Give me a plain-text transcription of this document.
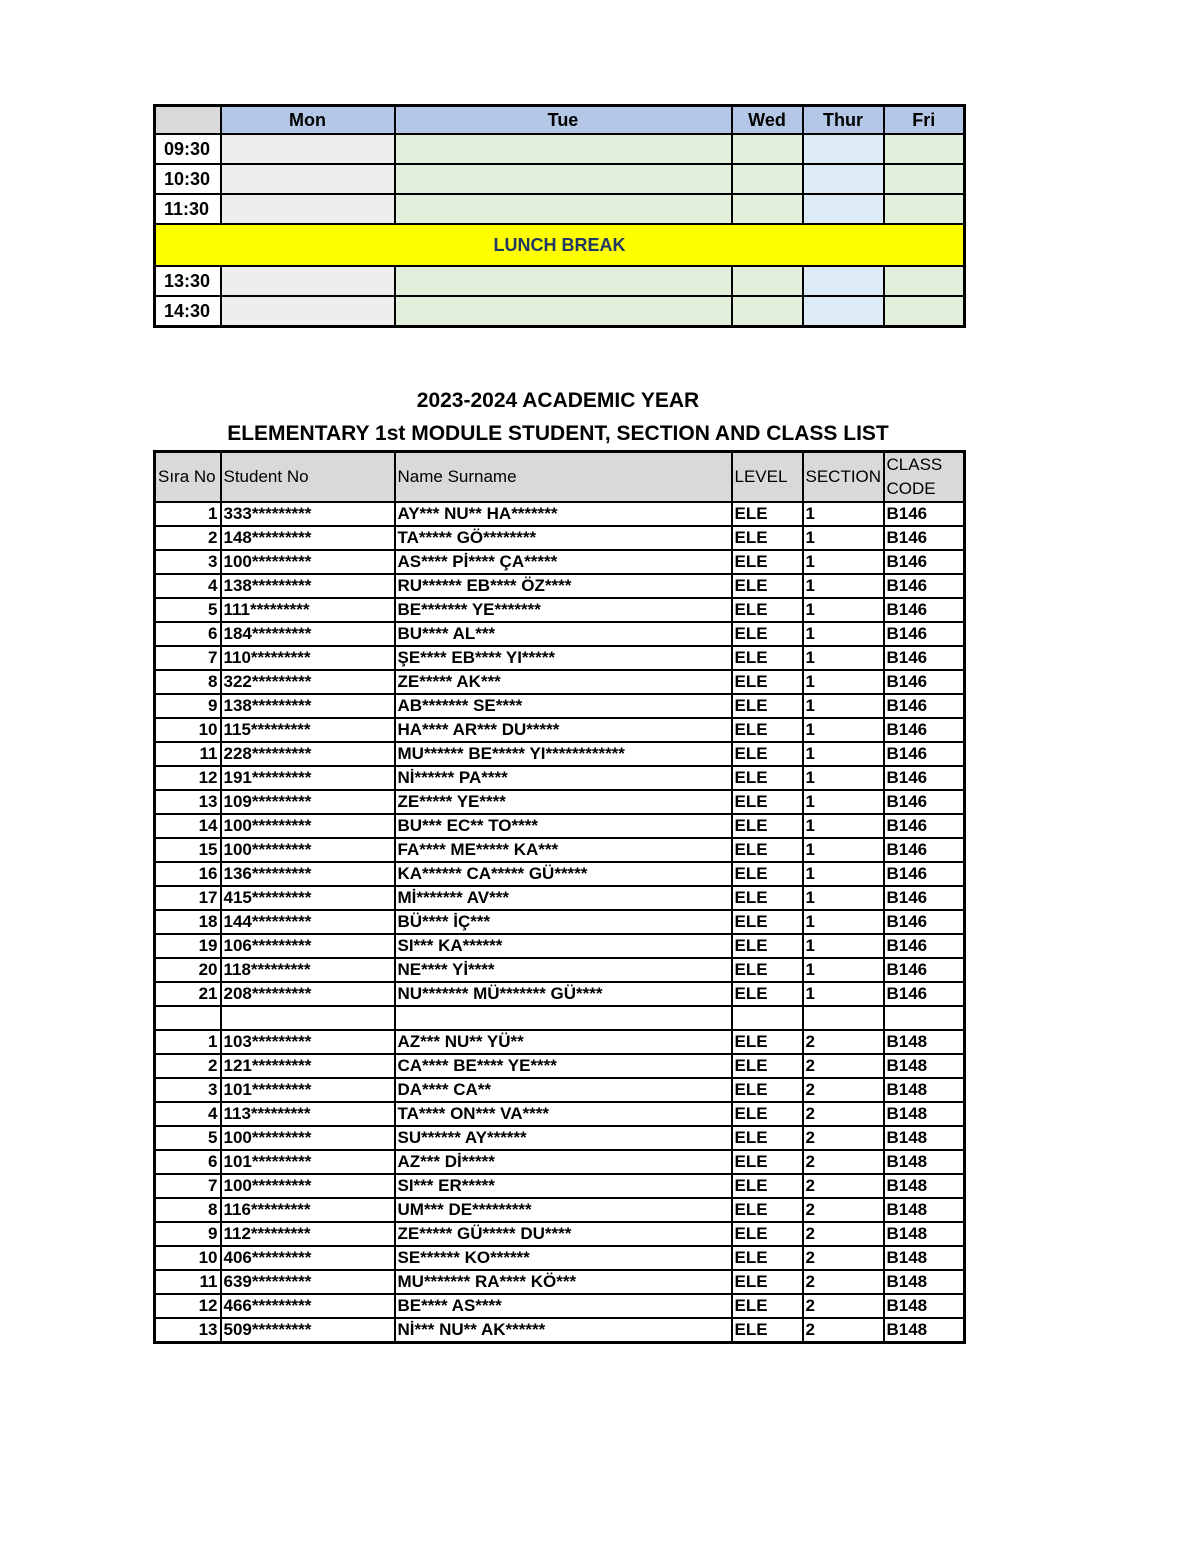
	Mon	Tue	Wed	Thur	Fri
09:30					
10:30					
11:30					
LUNCH BREAK					
13:30					
14:30					
2023-2024 ACADEMIC YEAR
ELEMENTARY 1st MODULE STUDENT, SECTION AND CLASS LIST
Sıra No	Student No	Name Surname	LEVEL	SECTION	CLASS CODE
1	333*********	AY*** NU** HA*******	ELE	1	B146
2	148*********	TA***** GÖ********	ELE	1	B146
3	100*********	AS**** Pİ**** ÇA*****	ELE	1	B146
4	138*********	RU****** EB**** ÖZ****	ELE	1	B146
5	111*********	BE******* YE*******	ELE	1	B146
6	184*********	BU**** AL***	ELE	1	B146
7	110*********	ŞE**** EB**** YI*****	ELE	1	B146
8	322*********	ZE***** AK***	ELE	1	B146
9	138*********	AB******* SE****	ELE	1	B146
10	115*********	HA**** AR*** DU*****	ELE	1	B146
11	228*********	MU****** BE***** YI************	ELE	1	B146
12	191*********	Nİ****** PA****	ELE	1	B146
13	109*********	ZE***** YE****	ELE	1	B146
14	100*********	BU*** EC** TO****	ELE	1	B146
15	100*********	FA**** ME***** KA***	ELE	1	B146
16	136*********	KA****** CA***** GÜ*****	ELE	1	B146
17	415*********	Mİ******* AV***	ELE	1	B146
18	144*********	BÜ**** İÇ***	ELE	1	B146
19	106*********	SI*** KA******	ELE	1	B146
20	118*********	NE**** Yİ****	ELE	1	B146
21	208*********	NU******* MÜ******* GÜ****	ELE	1	B146

1	103*********	AZ*** NU** YÜ**	ELE	2	B148
2	121*********	CA**** BE**** YE****	ELE	2	B148
3	101*********	DA**** CA**	ELE	2	B148
4	113*********	TA**** ON*** VA****	ELE	2	B148
5	100*********	SU****** AY******	ELE	2	B148
6	101*********	AZ*** Dİ*****	ELE	2	B148
7	100*********	SI*** ER*****	ELE	2	B148
8	116*********	UM*** DE*********	ELE	2	B148
9	112*********	ZE***** GÜ***** DU****	ELE	2	B148
10	406*********	SE****** KO******	ELE	2	B148
11	639*********	MU******* RA**** KÖ***	ELE	2	B148
12	466*********	BE**** AS****	ELE	2	B148
13	509*********	Nİ*** NU** AK******	ELE	2	B148
